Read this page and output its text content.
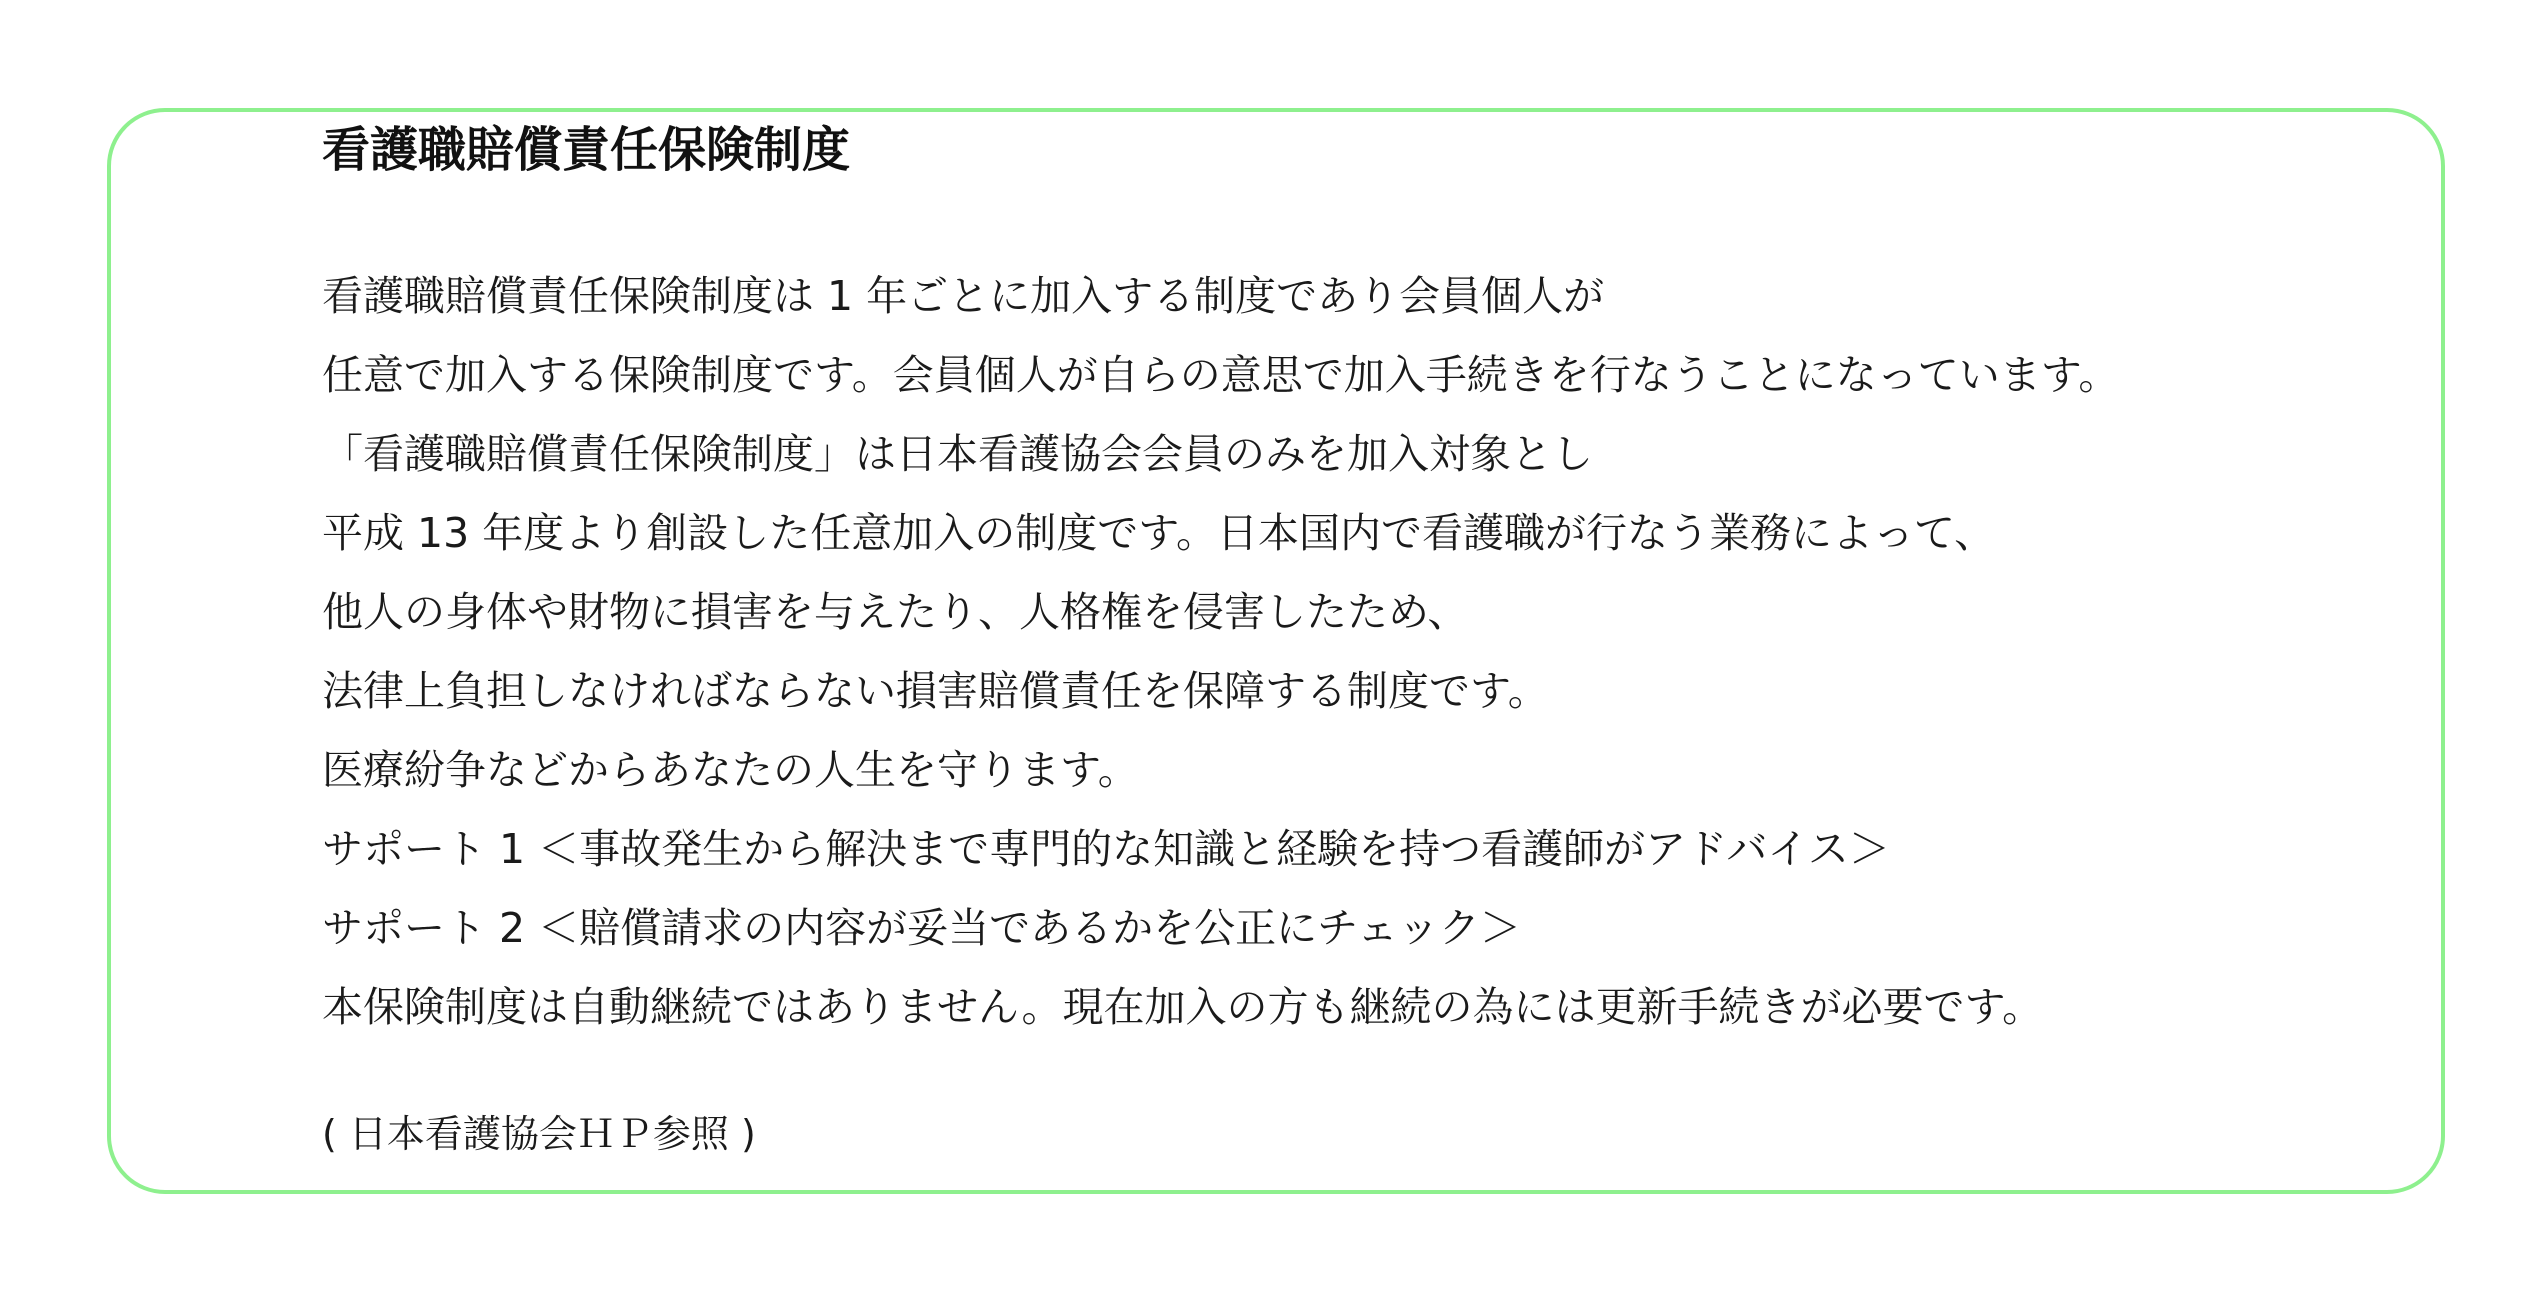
看護職賠償責任保険制度
看護職賠償責任保険制度は 1 年ごとに加入する制度であり会員個人が
任意で加入する保険制度です。会員個人が自らの意思で加入手続きを行なうことになっています。
「看護職賠償責任保険制度」は日本看護協会会員のみを加入対象とし
平成 13 年度より創設した任意加入の制度です。日本国内で看護職が行なう業務によって、
他人の身体や財物に損害を与えたり、人格権を侵害したため、
法律上負担しなければならない損害賠償責任を保障する制度です。
医療紛争などからあなたの人生を守ります。
サポート 1 ＜事故発生から解決まで専門的な知識と経験を持つ看護師がアドバイス＞
サポート 2 ＜賠償請求の内容が妥当であるかを公正にチェック＞
本保険制度は自動継続ではありません。現在加入の方も継続の為には更新手続きが必要です。
( 日本看護協会ＨＰ参照 )
